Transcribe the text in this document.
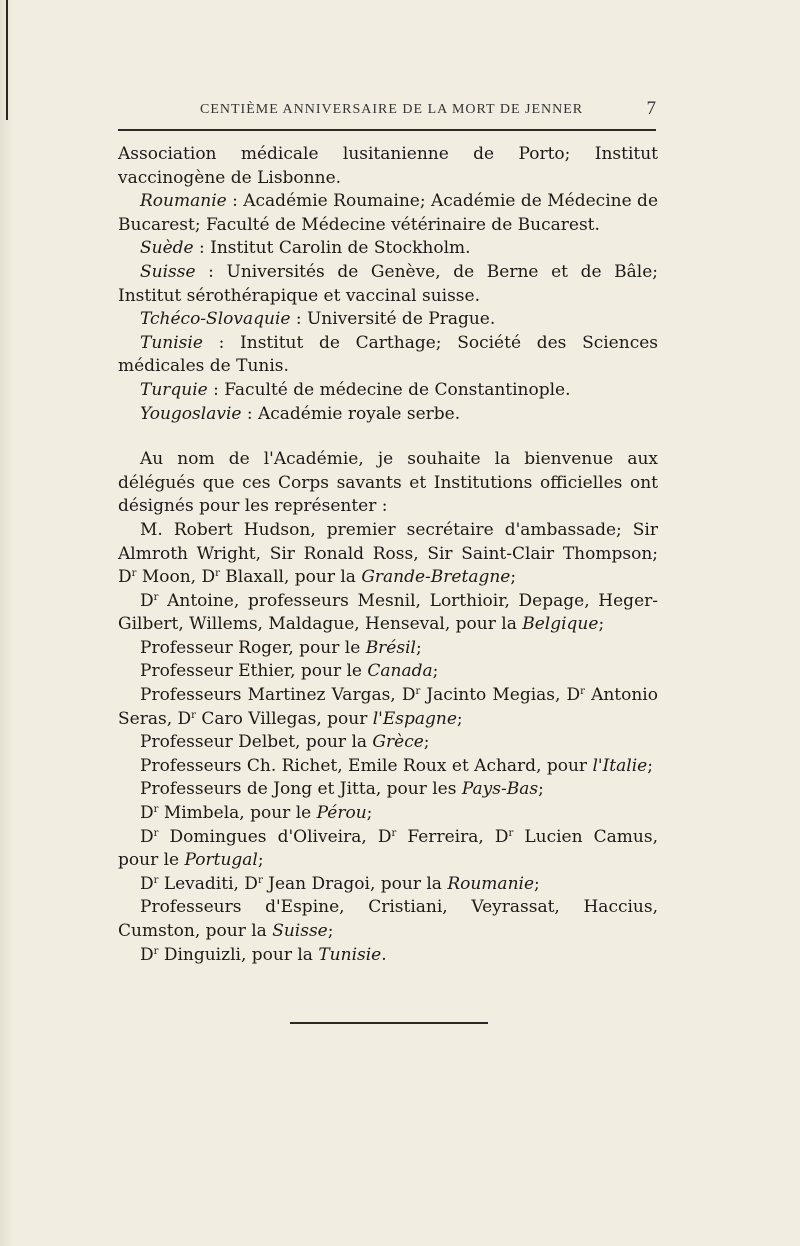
CENTIÈME ANNIVERSAIRE DE LA MORT DE JENNER	7

Association médicale lusitanienne de Porto; Institut vaccinogène de Lisbonne.

Roumanie : Académie Roumaine; Académie de Médecine de Bucarest; Faculté de Médecine vétérinaire de Bucarest.

Suède : Institut Carolin de Stockholm.

Suisse : Universités de Genève, de Berne et de Bâle; Institut sérothérapique et vaccinal suisse.

Tchéco-Slovaquie : Université de Prague.

Tunisie : Institut de Carthage; Société des Sciences médicales de Tunis.

Turquie : Faculté de médecine de Constantinople.

Yougoslavie : Académie royale serbe.

Au nom de l'Académie, je souhaite la bienvenue aux délégués que ces Corps savants et Institutions officielles ont désignés pour les représenter :

M. Robert Hudson, premier secrétaire d'ambassade; Sir Almroth Wright, Sir Ronald Ross, Sir Saint-Clair Thompson; $D^r$ Moon, $D^r$ Blaxall, pour la Grande-Bretagne;

$D^r$ Antoine, professeurs Mesnil, Lorthioir, Depage, Heger-Gilbert, Willems, Maldague, Henseval, pour la Belgique;

Professeur Roger, pour le Brésil;

Professeur Ethier, pour le Canada;

Professeurs Martinez Vargas, $D^r$ Jacinto Megias, $D^r$ Antonio Seras, $D^r$ Caro Villegas, pour l'Espagne;

Professeur Delbet, pour la Grèce;

Professeurs Ch. Richet, Emile Roux et Achard, pour l'Italie;

Professeurs de Jong et Jitta, pour les Pays-Bas;

$D^r$ Mimbela, pour le Pérou;

$D^r$ Domingues d'Oliveira, $D^r$ Ferreira, $D^r$ Lucien Camus, pour le Portugal;

$D^r$ Levaditi, $D^r$ Jean Dragoi, pour la Roumanie;

Professeurs d'Espine, Cristiani, Veyrassat, Haccius, Cumston, pour la Suisse;

$D^r$ Dinguizli, pour la Tunisie.
